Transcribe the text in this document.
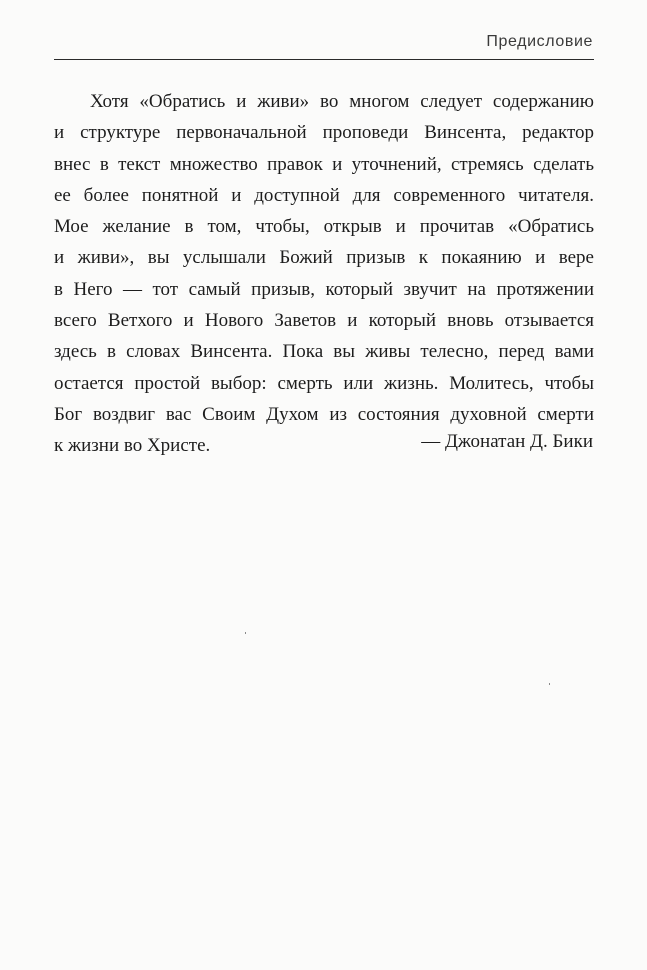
Предисловие

Хотя «Обратись и живи» во многом следует содержанию
и структуре первоначальной проповеди Винсента, редактор
внес в текст множество правок и уточнений, стремясь сделать
ее более понятной и доступной для современного читателя.
Мое желание в том, чтобы, открыв и прочитав «Обратись
и живи», вы услышали Божий призыв к покаянию и вере
в Него — тот самый призыв, который звучит на протяжении
всего Ветхого и Нового Заветов и который вновь отзывается
здесь в словах Винсента. Пока вы живы телесно, перед вами
остается простой выбор: смерть или жизнь. Молитесь, чтобы
Бог воздвиг вас Своим Духом из состояния духовной смерти
к жизни во Христе.	— Джонатан Д. Бики
